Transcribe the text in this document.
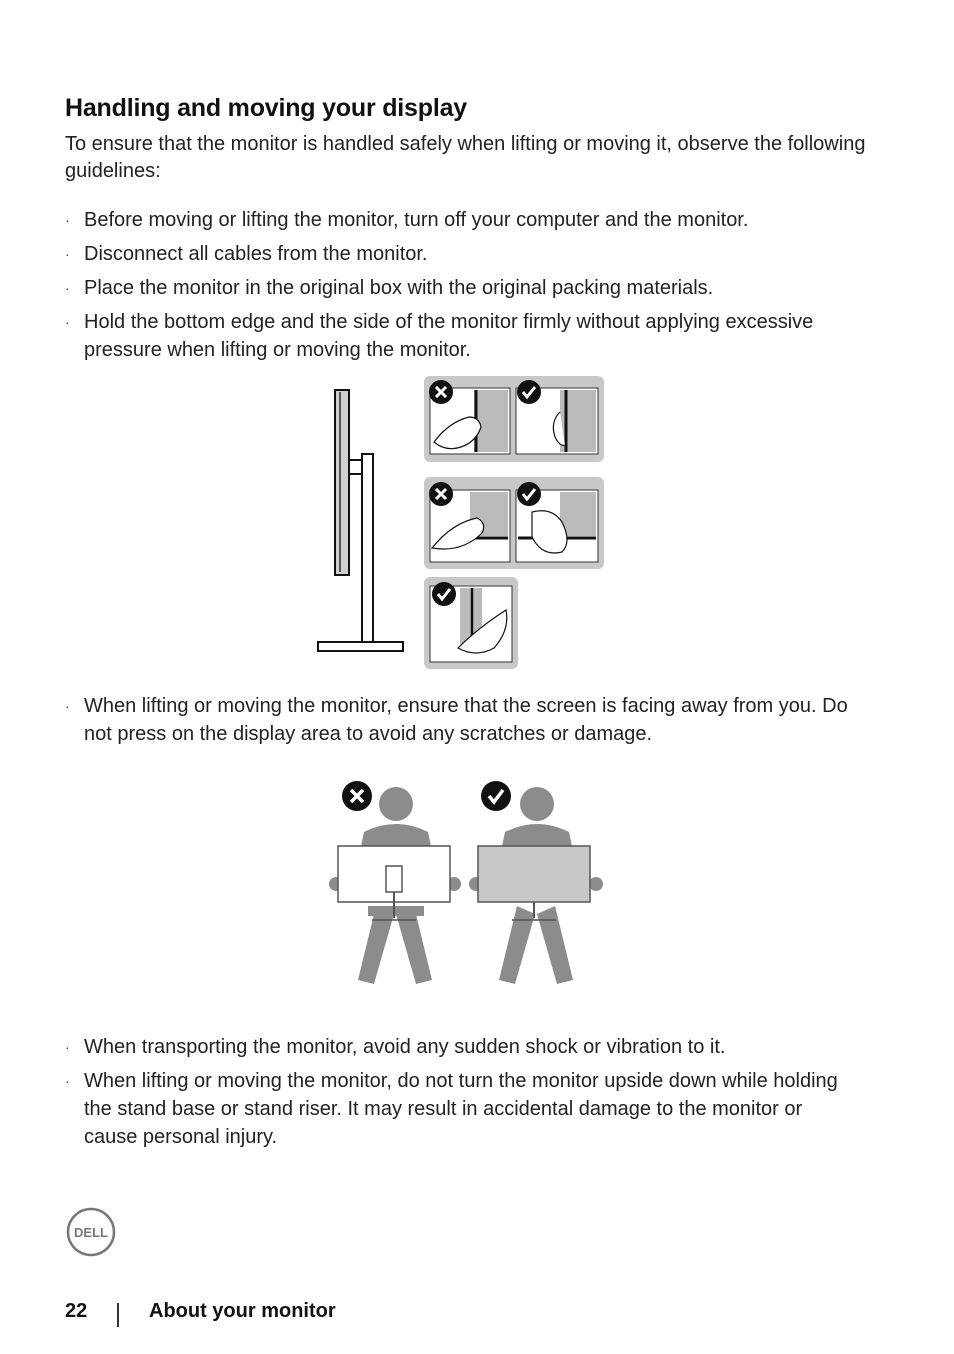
Handling and moving your display
To ensure that the monitor is handled safely when lifting or moving it, observe the following guidelines:
· Before moving or lifting the monitor, turn off your computer and the monitor.
· Disconnect all cables from the monitor.
· Place the monitor in the original box with the original packing materials.
· Hold the bottom edge and the side of the monitor firmly without applying excessive pressure when lifting or moving the monitor.
· When lifting or moving the monitor, ensure that the screen is facing away from you. Do not press on the display area to avoid any scratches or damage.
· When transporting the monitor, avoid any sudden shock or vibration to it.
· When lifting or moving the monitor, do not turn the monitor upside down while holding the stand base or stand riser. It may result in accidental damage to the monitor or cause personal injury.
DELL
22	About your monitor
